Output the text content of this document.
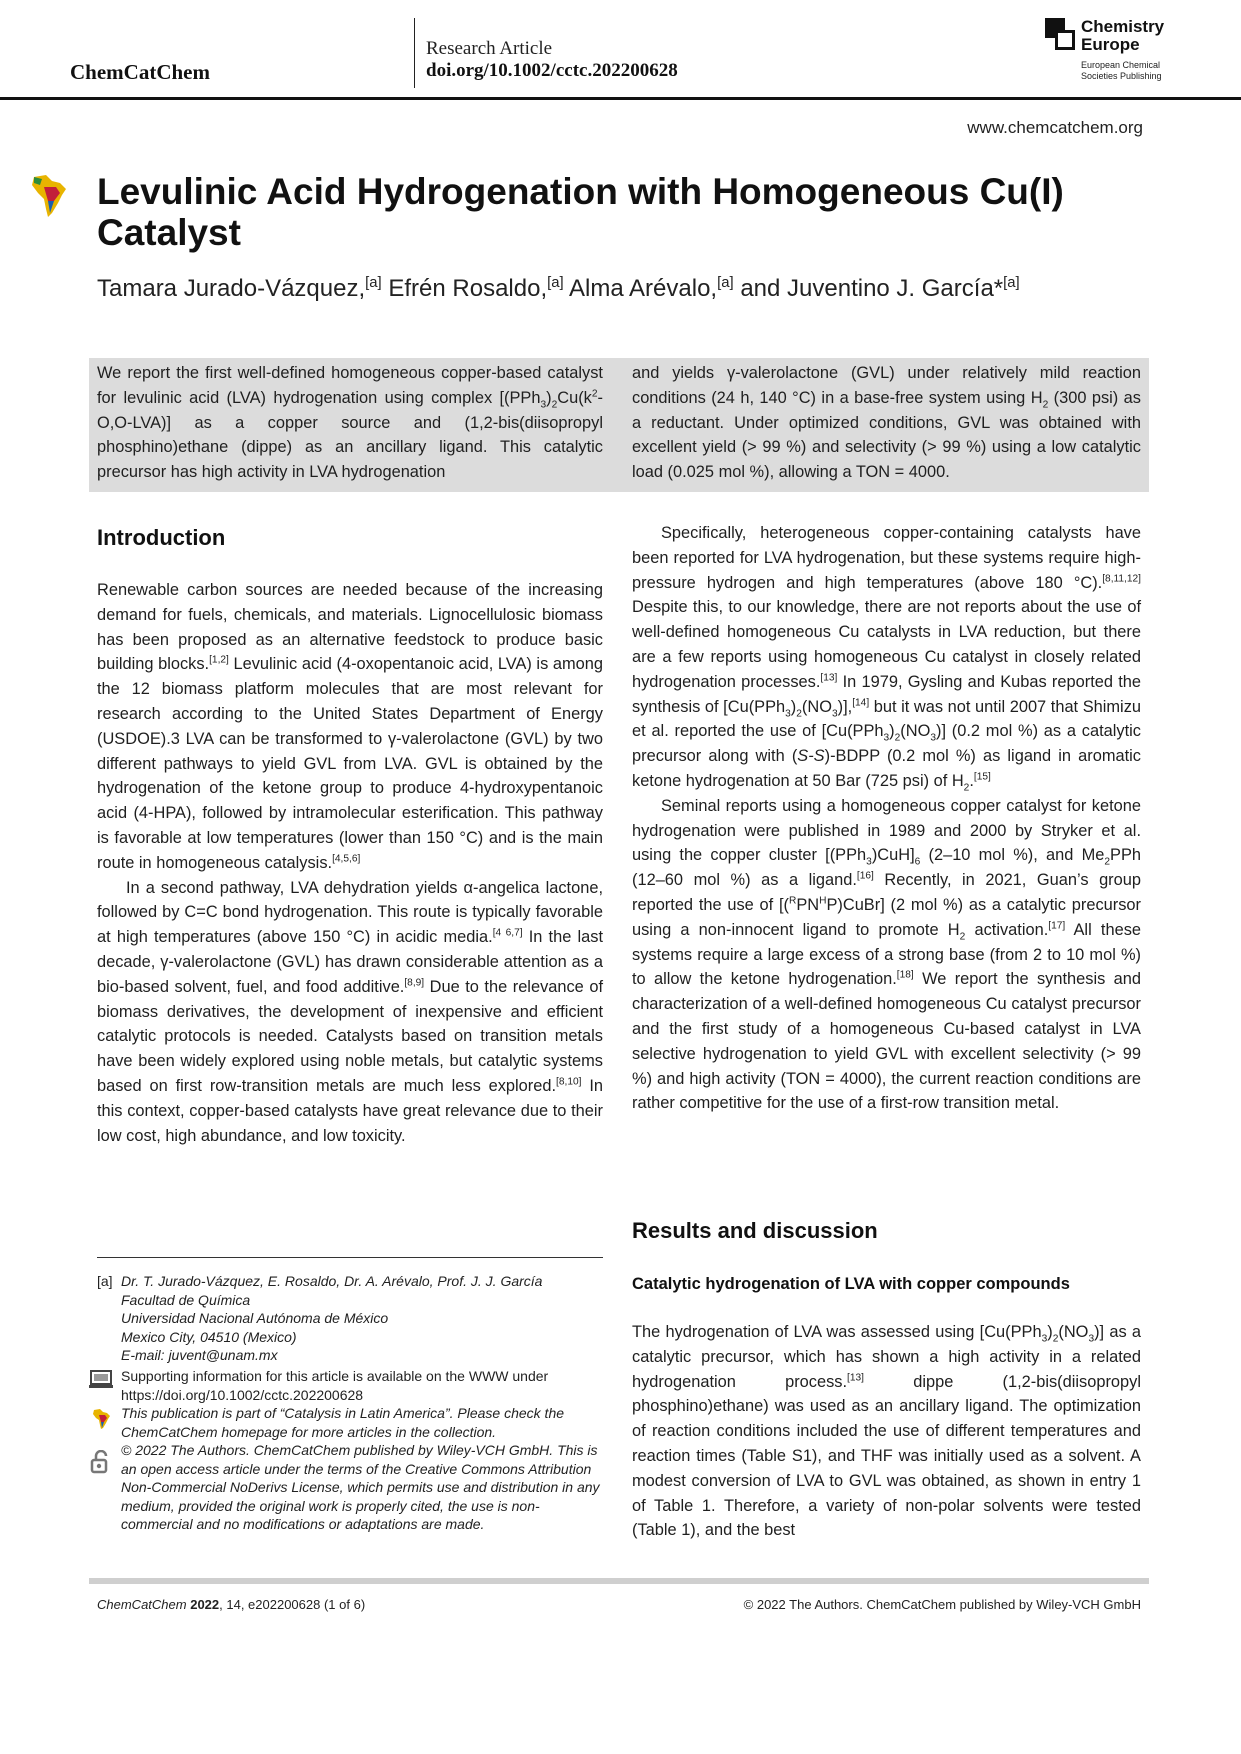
ChemCatChem
Research Article
doi.org/10.1002/cctc.202200628
Chemistry
Europe
European Chemical
Societies Publishing
www.chemcatchem.org
Levulinic Acid Hydrogenation with Homogeneous Cu(I) Catalyst
Tamara Jurado-Vázquez,[a] Efrén Rosaldo,[a] Alma Arévalo,[a] and Juventino J. García*[a]
We report the first well-defined homogeneous copper-based catalyst for levulinic acid (LVA) hydrogenation using complex $[(PPh_3)_2Cu(k^2-O,O-LVA)]$ as a copper source and (1,2-bis(diisopropyl phosphino)ethane (dippe) as an ancillary ligand. This catalytic precursor has high activity in LVA hydrogenation
and yields γ-valerolactone (GVL) under relatively mild reaction conditions (24 h, 140 °C) in a base-free system using $H_2$ (300 psi) as a reductant. Under optimized conditions, GVL was obtained with excellent yield (> 99 %) and selectivity (> 99 %) using a low catalytic load (0.025 mol %), allowing a TON = 4000.
Introduction

Renewable carbon sources are needed because of the increasing demand for fuels, chemicals, and materials. Lignocellulosic biomass has been proposed as an alternative feedstock to produce basic building blocks.[1,2] Levulinic acid (4-oxopentanoic acid, LVA) is among the 12 biomass platform molecules that are most relevant for research according to the United States Department of Energy (USDOE).3 LVA can be transformed to γ-valerolactone (GVL) by two different pathways to yield GVL from LVA. GVL is obtained by the hydrogenation of the ketone group to produce 4-hydroxypentanoic acid (4-HPA), followed by intramolecular esterification. This pathway is favorable at low temperatures (lower than 150 °C) and is the main route in homogeneous catalysis.[4,5,6]

In a second pathway, LVA dehydration yields α-angelica lactone, followed by C=C bond hydrogenation. This route is typically favorable at high temperatures (above 150 °C) in acidic media.[4 6,7] In the last decade, γ-valerolactone (GVL) has drawn considerable attention as a bio-based solvent, fuel, and food additive.[8,9] Due to the relevance of biomass derivatives, the development of inexpensive and efficient catalytic protocols is needed. Catalysts based on transition metals have been widely explored using noble metals, but catalytic systems based on first row-transition metals are much less explored.[8,10] In this context, copper-based catalysts have great relevance due to their low cost, high abundance, and low toxicity.

[a] Dr. T. Jurado-Vázquez, E. Rosaldo, Dr. A. Arévalo, Prof. J. J. García
Facultad de Química
Universidad Nacional Autónoma de México
Mexico City, 04510 (Mexico)
E-mail: juvent@unam.mx
Supporting information for this article is available on the WWW under https://doi.org/10.1002/cctc.202200628
This publication is part of “Catalysis in Latin America”. Please check the ChemCatChem homepage for more articles in the collection.
© 2022 The Authors. ChemCatChem published by Wiley-VCH GmbH. This is an open access article under the terms of the Creative Commons Attribution Non-Commercial NoDerivs License, which permits use and distribution in any medium, provided the original work is properly cited, the use is non-commercial and no modifications or adaptations are made.

Specifically, heterogeneous copper-containing catalysts have been reported for LVA hydrogenation, but these systems require high-pressure hydrogen and high temperatures (above 180 °C).[8,11,12] Despite this, to our knowledge, there are not reports about the use of well-defined homogeneous Cu catalysts in LVA reduction, but there are a few reports using homogeneous Cu catalyst in closely related hydrogenation processes.[13] In 1979, Gysling and Kubas reported the synthesis of $[Cu(PPh_3)_2(NO_3)],[14]$ but it was not until 2007 that Shimizu et al. reported the use of $[Cu(PPh_3)_2(NO_3)]$ (0.2 mol %) as a catalytic precursor along with (S-S)-BDPP (0.2 mol %) as ligand in aromatic ketone hydrogenation at 50 Bar (725 psi) of $H_2.[15]$

Seminal reports using a homogeneous copper catalyst for ketone hydrogenation were published in 1989 and 2000 by Stryker et al. using the copper cluster $[(PPh_3)CuH]_6$ (2–10 mol %), and $Me_2PPh$ (12–60 mol %) as a ligand.[16] Recently, in 2021, Guan’s group reported the use of $[(^RPN^HP)CuBr]$ (2 mol %) as a catalytic precursor using a non-innocent ligand to promote $H_2$ activation.[17] All these systems require a large excess of a strong base (from 2 to 10 mol %) to allow the ketone hydrogenation.[18] We report the synthesis and characterization of a well-defined homogeneous Cu catalyst precursor and the first study of a homogeneous Cu-based catalyst in LVA selective hydrogenation to yield GVL with excellent selectivity (> 99 %) and high activity (TON = 4000), the current reaction conditions are rather competitive for the use of a first-row transition metal.

Results and discussion
Catalytic hydrogenation of LVA with copper compounds

The hydrogenation of LVA was assessed using $[Cu(PPh_3)_2(NO_3)]$ as a catalytic precursor, which has shown a high activity in a related hydrogenation process.[13] dippe (1,2-bis(diisopropyl phosphino)ethane) was used as an ancillary ligand. The optimization of reaction conditions included the use of different temperatures and reaction times (Table S1), and THF was initially used as a solvent. A modest conversion of LVA to GVL was obtained, as shown in entry 1 of Table 1. Therefore, a variety of non-polar solvents were tested (Table 1), and the best

ChemCatChem 2022, 14, e202200628 (1 of 6)	© 2022 The Authors. ChemCatChem published by Wiley-VCH GmbH
